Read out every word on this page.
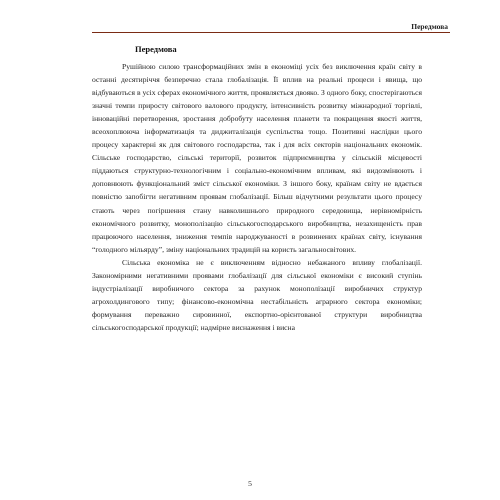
Передмова
Передмова

Рушійною силою трансформаційних змін в економіці усіх без виключення країн світу в останні десятиріччя безперечно стала глобалізація. Її вплив на реальні процеси і явища, що відбуваються в усіх сферах економічного життя, проявляється двояко. З одного боку, спостерігаються значні темпи приросту світового валового продукту, інтенсивність розвитку міжнародної торгівлі, інноваційні перетворення, зростання добробуту населення планети та покращення якості життя, всеохоплююча інформатизація та диджиталізація суспільства тощо. Позитивні наслідки цього процесу характерні як для світового господарства, так і для всіх секторів національних економік. Сільське господарство, сільські території, розвиток підприємництва у сільській місцевості піддаються структурно-технологічним і соціально-економічним впливам, які видозмінюють і доповнюють функціональний зміст сільської економіки. З іншого боку, країнам світу не вдається повністю запобігти негативним проявам глобалізації. Більш відчутними результати цього процесу стають через погіршення стану навколишнього природного середовища, нерівномірність економічного розвитку, монополізацію сільськогосподарського виробництва, незахищеність прав працюючого населення, зниження темпів народжуваності в розвинених країнах світу, існування “голодного мільярду”, зміну національних традицій на користь загальносвітових.

Сільська економіка не є виключенням відносно небажаного впливу глобалізації. Закономірними негативними проявами глобалізації для сільської економіки є високий ступінь індустріалізації виробничого сектора за рахунок монополізації виробничих структур агрохолдингового типу; фінансово-економічна нестабільність аграрного сектора економіки; формування переважно сировинної, експортно-орієнтованої структури виробництва сільськогосподарської продукції; надмірне виснаження і висна

5
